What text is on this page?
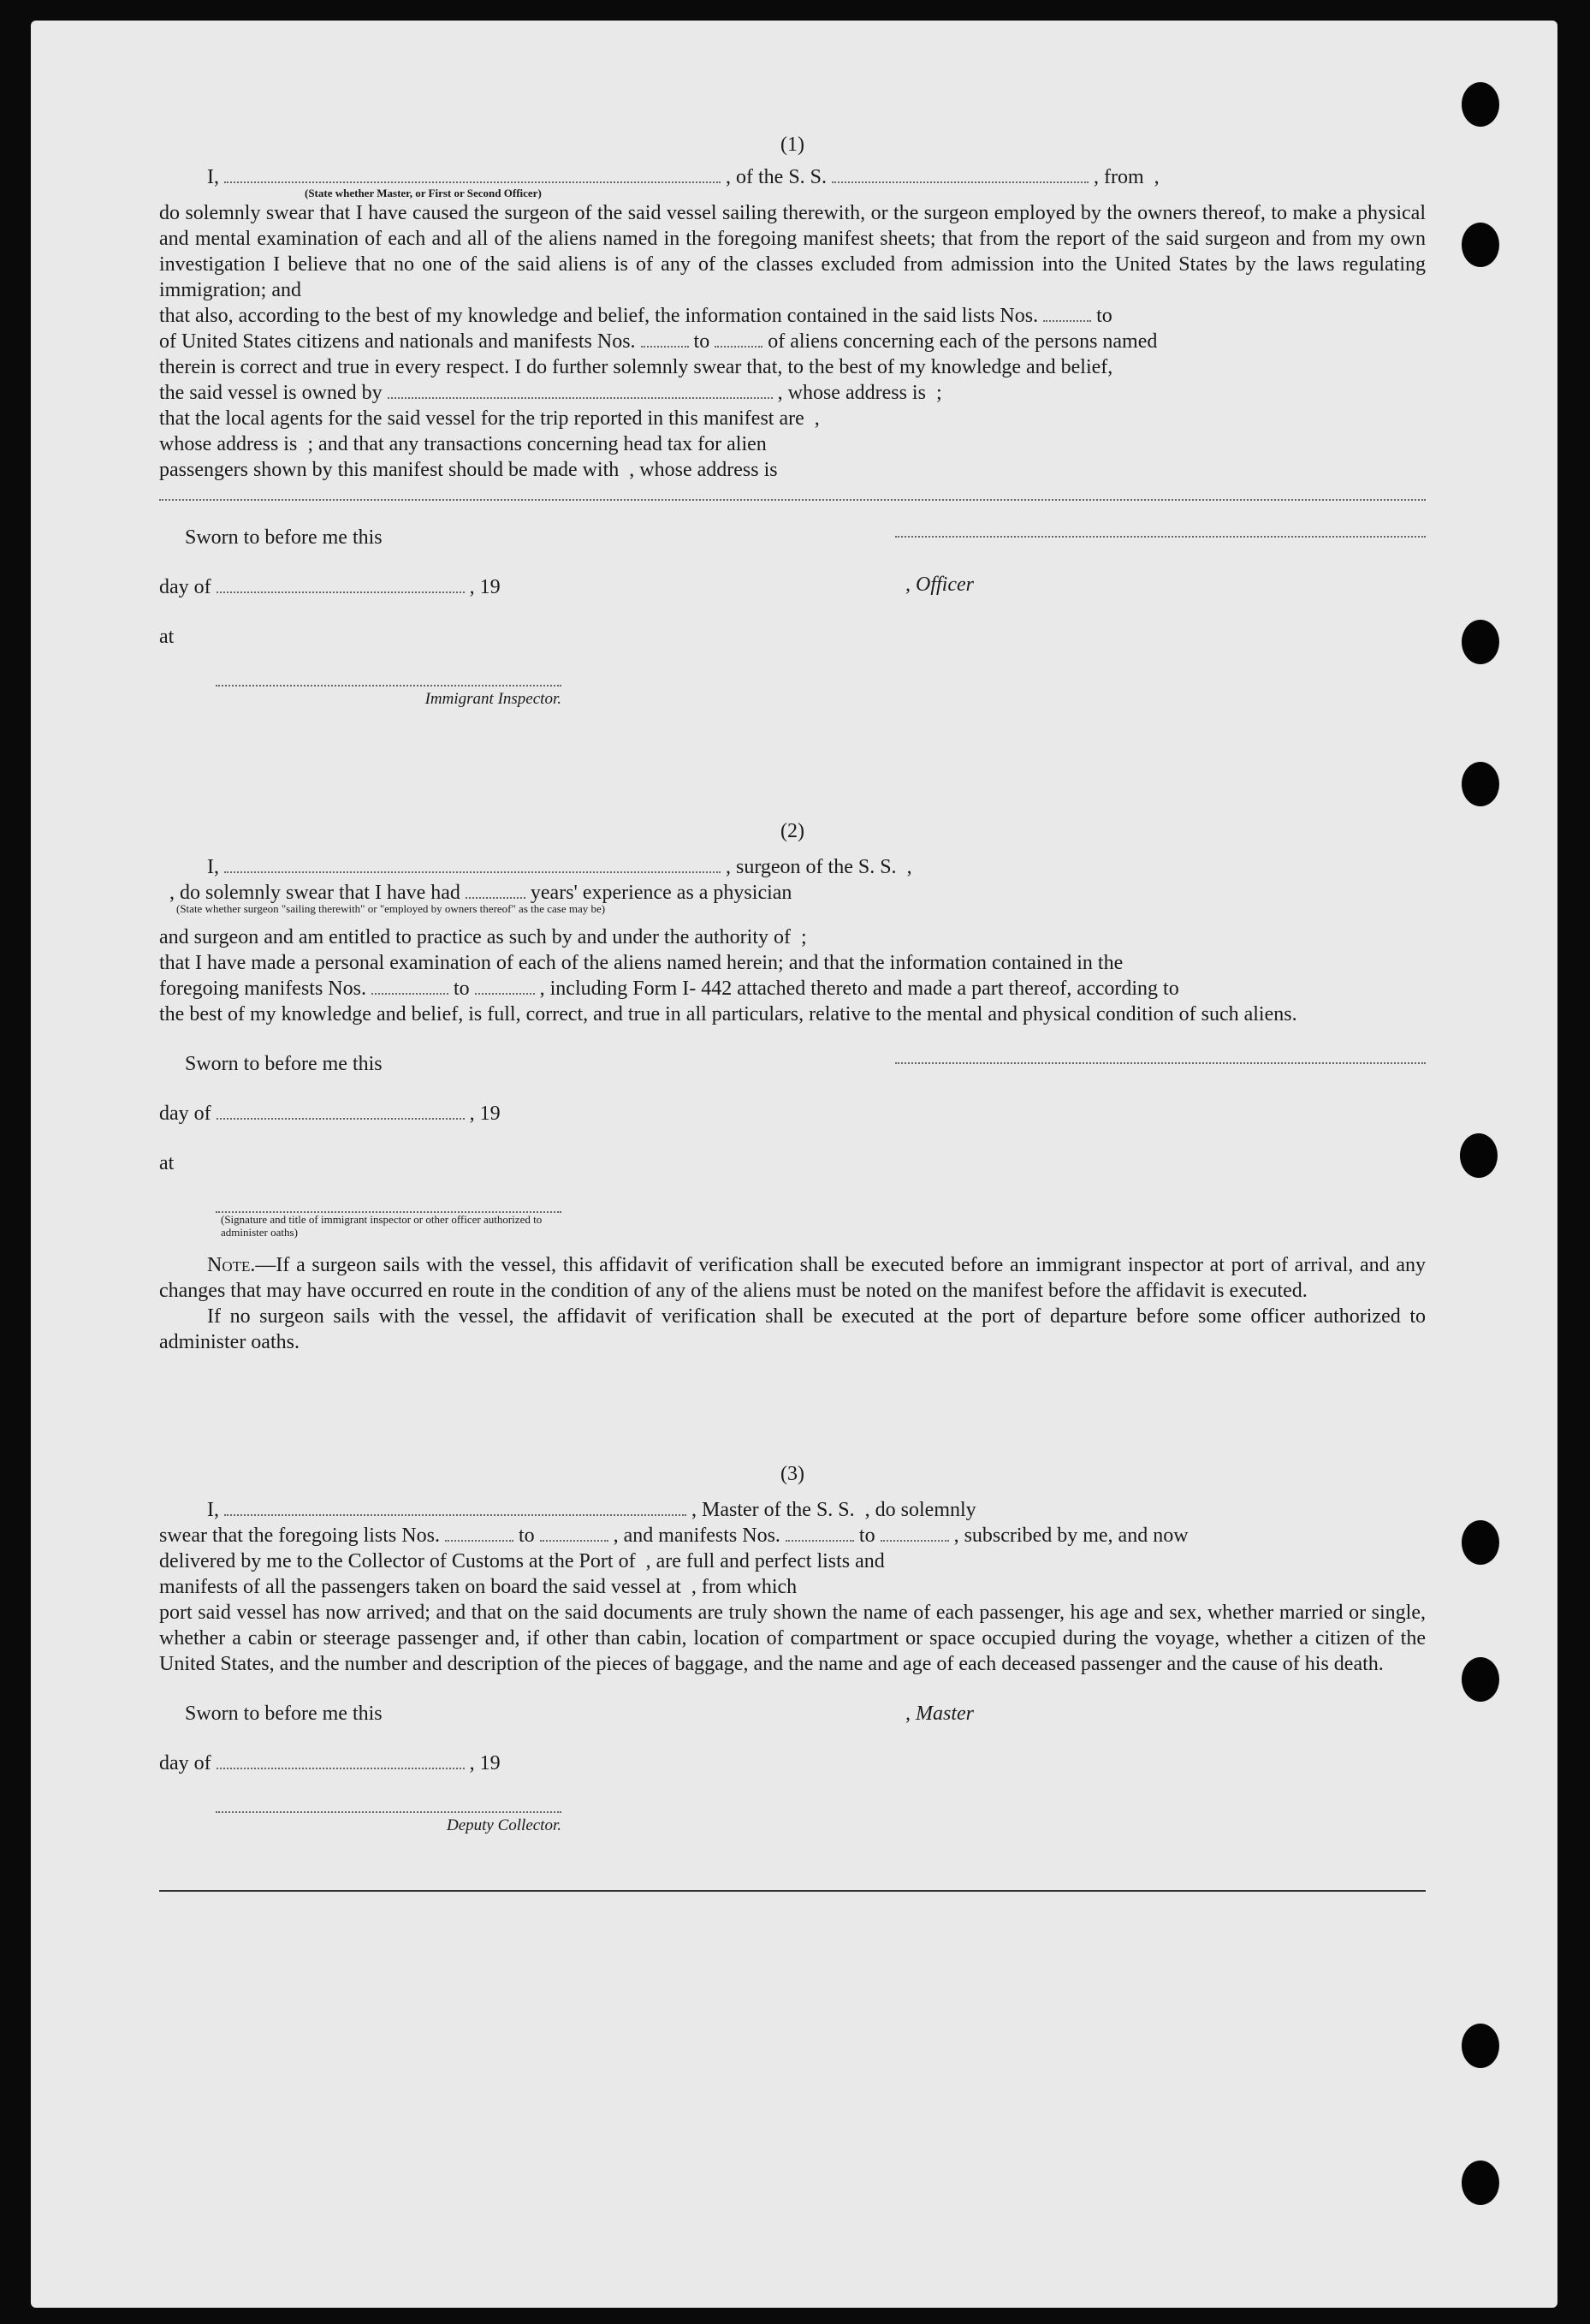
(1)
I,	, of the S. S.	, from ,
(State whether Master, or First or Second Officer)
do solemnly swear that I have caused the surgeon of the said vessel sailing therewith, or the surgeon employed by the owners thereof, to make a physical and mental examination of each and all of the aliens named in the foregoing manifest sheets; that from the report of the said surgeon and from my own investigation I believe that no one of the said aliens is of any of the classes excluded from admission into the United States by the laws regulating immigration; and
that also, according to the best of my knowledge and belief, the information contained in the said lists Nos.	to
of United States citizens and nationals and manifests Nos.	to	of aliens concerning each of the persons named
therein is correct and true in every respect. I do further solemnly swear that, to the best of my knowledge and belief,
the said vessel is owned by	, whose address is ;
that the local agents for the said vessel for the trip reported in this manifest are ,
whose address is ; and that any transactions concerning head tax for alien
passengers shown by this manifest should be made with , whose address is
Sworn to before me this
day of	, 19
at
Immigrant Inspector.
, Officer
(2)
I,	, surgeon of the S. S. ,
, do solemnly swear that I have had	years' experience as a physician
(State whether surgeon "sailing therewith" or "employed by owners thereof" as the case may be)
and surgeon and am entitled to practice as such by and under the authority of ;
that I have made a personal examination of each of the aliens named herein; and that the information contained in the
foregoing manifests Nos.	to	, including Form I- 442 attached thereto and made a part thereof, according to
the best of my knowledge and belief, is full, correct, and true in all particulars, relative to the mental and physical condition of such aliens.
Sworn to before me this
day of	, 19
at
(Signature and title of immigrant inspector or other officer authorized to administer oaths)
Note.—If a surgeon sails with the vessel, this affidavit of verification shall be executed before an immigrant inspector at port of arrival, and any changes that may have occurred en route in the condition of any of the aliens must be noted on the manifest before the affidavit is executed.
If no surgeon sails with the vessel, the affidavit of verification shall be executed at the port of departure before some officer authorized to administer oaths.
(3)
I,	, Master of the S. S. , do solemnly
swear that the foregoing lists Nos.	to	, and manifests Nos.	to	, subscribed by me, and now
delivered by me to the Collector of Customs at the Port of , are full and perfect lists and
manifests of all the passengers taken on board the said vessel at , from which
port said vessel has now arrived; and that on the said documents are truly shown the name of each passenger, his age and sex, whether married or single, whether a cabin or steerage passenger and, if other than cabin, location of compartment or space occupied during the voyage, whether a citizen of the United States, and the number and description of the pieces of baggage, and the name and age of each deceased passenger and the cause of his death.
Sworn to before me this
day of	, 19
Deputy Collector.
, Master
